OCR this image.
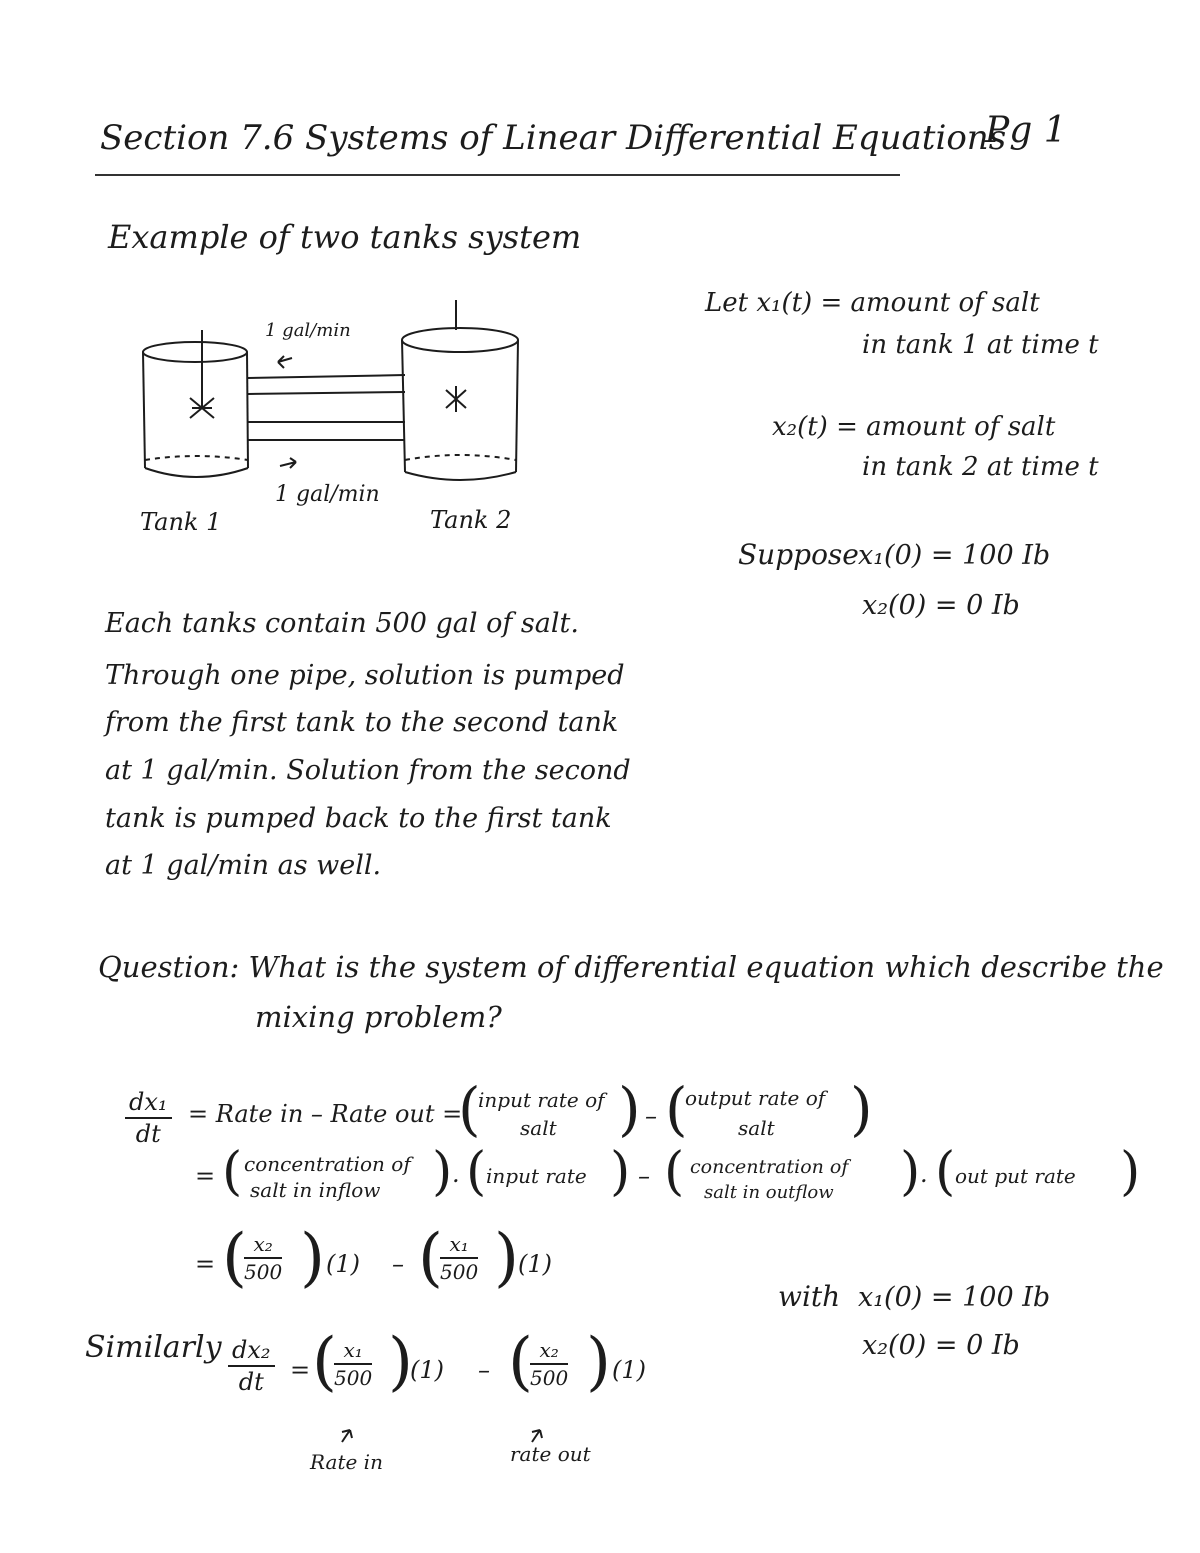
Section 7.6 Systems of Linear Differential Equations
Pg 1
Example of two tanks system
1 gal/min
1 gal/min
Tank 1	Tank 2
Let x₁(t) = amount of salt
in tank 1 at time t
x₂(t) = amount of salt
in tank 2 at time t
Suppose x₁(0) = 100 Ib
x₂(0) = 0 Ib
Each tanks contain 500 gal of salt.
Through one pipe, solution is pumped
from the first tank to the second tank
at 1 gal/min. Solution from the second
tank is pumped back to the first tank
at 1 gal/min as well.
Question: What is the system of differential equation which describe the
mixing problem?
$\frac{\text{dx₁}}{dt}$ = Rate in – Rate out =
(
input rate of
salt ) – (
output rate of
salt )
= ( concentration of
salt in inflow ) . ( input rate ) – ( concentration of
salt in outflow ) . ( out put rate )
= (
$\frac{\text{x₂}}{500}$ ) (1) – (
$\frac{\text{x₁}}{500}$ ) (1)
with x₁(0) = 100 Ib
x₂(0) = 0 Ib
Similarly $\frac{\text{dx₂}}{dt}$ = (
$\frac{\text{x₁}}{500}$ )
(1) – (
$\frac{\text{x₂}}{500}$ ) (1)
Rate in	rate out
